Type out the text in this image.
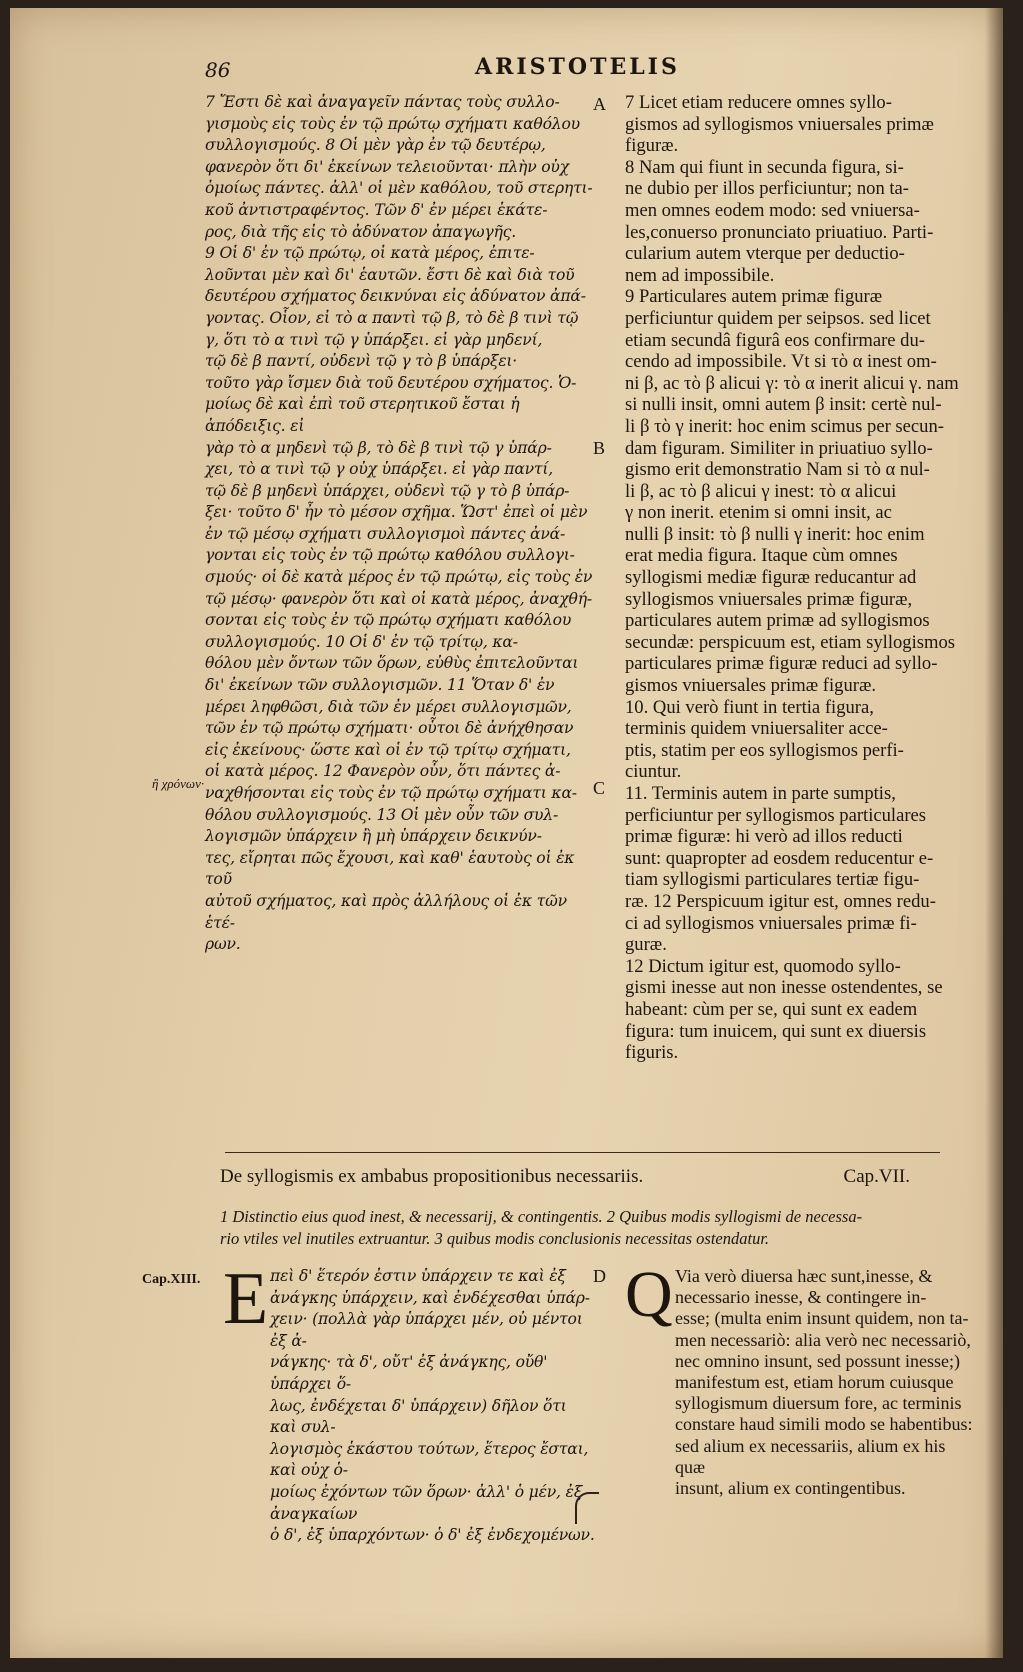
86	ARISTOTELIS
7 Ἔστι δὲ καὶ ἀναγαγεῖν πάντας τοὺς συλλο-
γισμοὺς εἰς τοὺς ἐν τῷ πρώτῳ σχήματι καθόλου
συλλογισμούς. 8 Οἱ μὲν γὰρ ἐν τῷ δευτέρῳ,
φανερὸν ὅτι δι' ἐκείνων τελειοῦνται· πλὴν οὐχ
ὁμοίως πάντες. ἀλλ' οἱ μὲν καθόλου, τοῦ στερητι-
κοῦ ἀντιστραφέντος. Τῶν δ' ἐν μέρει ἑκάτε-
ρος, διὰ τῆς εἰς τὸ ἀδύνατον ἀπαγωγῆς.
9 Οἱ δ' ἐν τῷ πρώτῳ, οἱ κατὰ μέρος, ἐπιτε-
λοῦνται μὲν καὶ δι' ἑαυτῶν. ἔστι δὲ καὶ διὰ τοῦ
δευτέρου σχήματος δεικνύναι εἰς ἀδύνατον ἀπά-
γοντας. Οἷον, εἰ τὸ α παντὶ τῷ β, τὸ δὲ β τινὶ τῷ
γ, ὅτι τὸ α τινὶ τῷ γ ὑπάρξει. εἰ γὰρ μηδενί,
τῷ δὲ β παντί, οὐδενὶ τῷ γ τὸ β ὑπάρξει·
τοῦτο γὰρ ἴσμεν διὰ τοῦ δευτέρου σχήματος. Ὁ-
μοίως δὲ καὶ ἐπὶ τοῦ στερητικοῦ ἔσται ἡ ἀπόδειξις. εἰ
γὰρ τὸ α μηδενὶ τῷ β, τὸ δὲ β τινὶ τῷ γ ὑπάρ-
χει, τὸ α τινὶ τῷ γ οὐχ ὑπάρξει. εἰ γὰρ παντί,
τῷ δὲ β μηδενὶ ὑπάρχει, οὐδενὶ τῷ γ τὸ β ὑπάρ-
ξει· τοῦτο δ' ἦν τὸ μέσον σχῆμα. Ὥστ' ἐπεὶ οἱ μὲν
ἐν τῷ μέσῳ σχήματι συλλογισμοὶ πάντες ἀνά-
γονται εἰς τοὺς ἐν τῷ πρώτῳ καθόλου συλλογι-
σμούς· οἱ δὲ κατὰ μέρος ἐν τῷ πρώτῳ, εἰς τοὺς ἐν
τῷ μέσῳ· φανερὸν ὅτι καὶ οἱ κατὰ μέρος, ἀναχθή-
σονται εἰς τοὺς ἐν τῷ πρώτῳ σχήματι καθόλου
συλλογισμούς. 10 Οἱ δ' ἐν τῷ τρίτῳ, κα-
θόλου μὲν ὄντων τῶν ὅρων, εὐθὺς ἐπιτελοῦνται
δι' ἐκείνων τῶν συλλογισμῶν. 11 Ὅταν δ' ἐν
μέρει ληφθῶσι, διὰ τῶν ἐν μέρει συλλογισμῶν,
τῶν ἐν τῷ πρώτῳ σχήματι· οὗτοι δὲ ἀνήχθησαν
εἰς ἐκείνους· ὥστε καὶ οἱ ἐν τῷ τρίτῳ σχήματι,
οἱ κατὰ μέρος. 12 Φανερὸν οὖν, ὅτι πάντες ἀ-
ναχθήσονται εἰς τοὺς ἐν τῷ πρώτῳ σχήματι κα-
θόλου συλλογισμούς. 13 Οἱ μὲν οὖν τῶν συλ-
λογισμῶν ὑπάρχειν ἢ μὴ ὑπάρχειν δεικνύν-
τες, εἴρηται πῶς ἔχουσι, καὶ καθ' ἑαυτοὺς οἱ ἐκ τοῦ
αὐτοῦ σχήματος, καὶ πρὸς ἀλλήλους οἱ ἐκ τῶν ἑτέ-
ρων.
7 Licet etiam reducere omnes syllo-
gismos ad syllogismos vniuersales primæ
figuræ.
8 Nam qui fiunt in secunda figura, si-
ne dubio per illos perficiuntur; non ta-
men omnes eodem modo: sed vniuersa-
les,conuerso pronunciato priuatiuo. Parti-
cularium autem vterque per deductio-
nem ad impossibile.
9 Particulares autem primæ figuræ
perficiuntur quidem per seipsos. sed licet
etiam secundâ figurâ eos confirmare du-
cendo ad impossibile. Vt si τὸ α inest om-
ni β, ac τὸ β alicui γ: τὸ α inerit alicui γ. nam
si nulli insit, omni autem β insit: certè nul-
li β τὸ γ inerit: hoc enim scimus per secun-
dam figuram. Similiter in priuatiuo syllo-
gismo erit demonstratio Nam si τὸ α nul-
li β, ac τὸ β alicui γ inest: τὸ α alicui
γ non inerit. etenim si omni insit, ac
nulli β insit: τὸ β nulli γ inerit: hoc enim
erat media figura. Itaque cùm omnes
syllogismi mediæ figuræ reducantur ad
syllogismos vniuersales primæ figuræ,
particulares autem primæ ad syllogismos
secundæ: perspicuum est, etiam syllogismos
particulares primæ figuræ reduci ad syllo-
gismos vniuersales primæ figuræ.
10. Qui verò fiunt in tertia figura,
terminis quidem vniuersaliter acce-
ptis, statim per eos syllogismos perfi-
ciuntur.
11. Terminis autem in parte sumptis,
perficiuntur per syllogismos particulares
primæ figuræ: hi verò ad illos reducti
sunt: quapropter ad eosdem reducentur e-
tiam syllogismi particulares tertiæ figu-
ræ. 12 Perspicuum igitur est, omnes redu-
ci ad syllogismos vniuersales primæ fi-
guræ.
12 Dictum igitur est, quomodo syllo-
gismi inesse aut non inesse ostendentes, se
habeant: cùm per se, qui sunt ex eadem
figura: tum inuicem, qui sunt ex diuersis
figuris.
A
B
C
D
ἢ χρόνων·
De syllogismis ex ambabus propositionibus necessariis.	Cap.VII.
1 Distinctio eius quod inest, & necessarij, & contingentis. 2 Quibus modis syllogismi de necessa-
rio vtiles vel inutiles extruantur. 3 quibus modis conclusionis necessitas ostendatur.
Cap.XIII. Ε πεὶ δ' ἕτερόν ἐστιν ὑπάρχειν τε καὶ ἐξ
ἀνάγκης ὑπάρχειν, καὶ ἐνδέχεσθαι ὑπάρ-
χειν· (πολλὰ γὰρ ὑπάρχει μέν, οὐ μέντοι ἐξ ἀ-
νάγκης· τὰ δ', οὔτ' ἐξ ἀνάγκης, οὔθ' ὑπάρχει ὅ-
λως, ἐνδέχεται δ' ὑπάρχειν) δῆλον ὅτι καὶ συλ-
λογισμὸς ἑκάστου τούτων, ἕτερος ἔσται, καὶ οὐχ ὁ-
μοίως ἐχόντων τῶν ὅρων· ἀλλ' ὁ μέν, ἐξ ἀναγκαίων
ὁ δ', ἐξ ὑπαρχόντων· ὁ δ' ἐξ ἐνδεχομένων.
Q Via verò diuersa hæc sunt,inesse, &
necessario inesse, & contingere in-
esse; (multa enim insunt quidem, non ta-
men necessariò: alia verò nec necessariò,
nec omnino insunt, sed possunt inesse;)
manifestum est, etiam horum cuiusque
syllogismum diuersum fore, ac terminis
constare haud simili modo se habentibus:
sed alium ex necessariis, alium ex his quæ
insunt, alium ex contingentibus.
